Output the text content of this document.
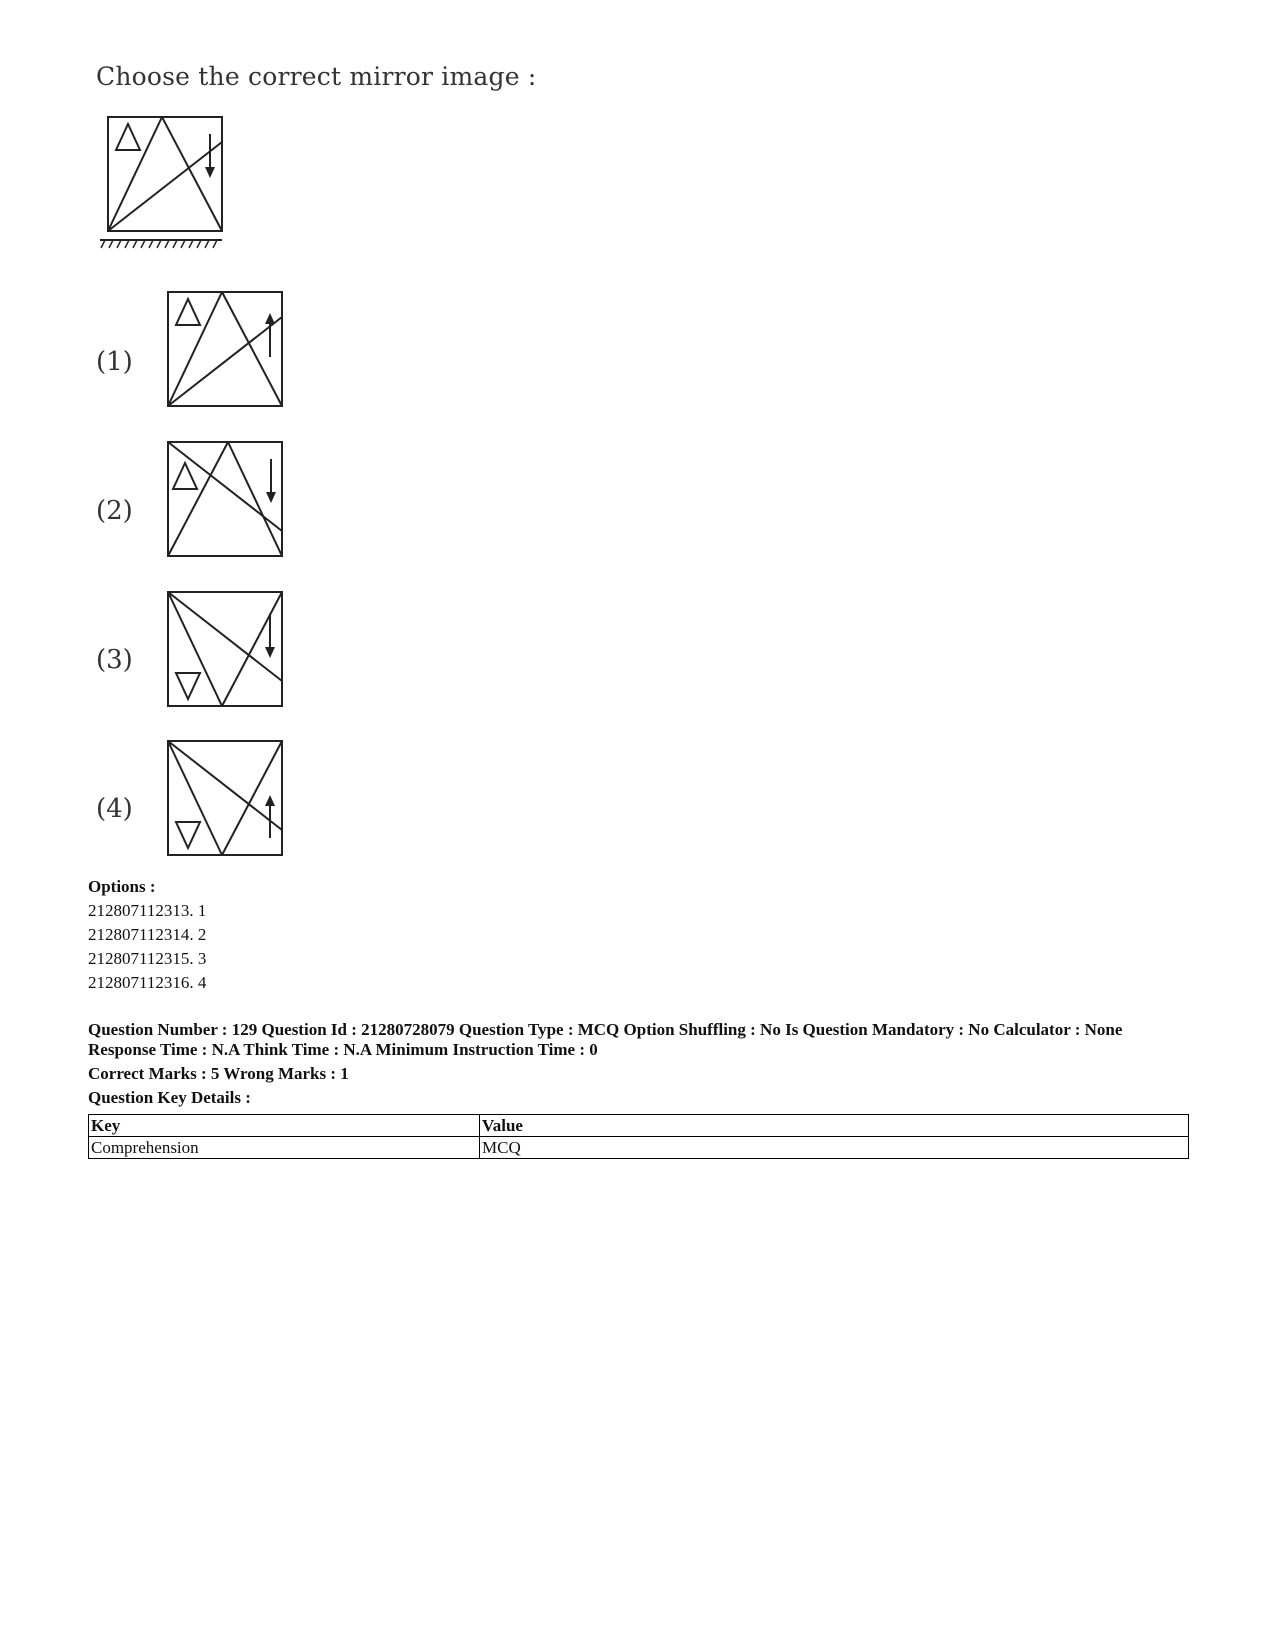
Choose the correct mirror image :
(1)
(2)
(3)
(4)
Options :
212807112313. 1
212807112314. 2
212807112315. 3
212807112316. 4
Question Number : 129 Question Id : 21280728079 Question Type : MCQ Option Shuffling : No Is Question Mandatory : No Calculator : None
Response Time : N.A Think Time : N.A Minimum Instruction Time : 0
Correct Marks : 5 Wrong Marks : 1
Question Key Details :
Key	Value
Comprehension	MCQ
